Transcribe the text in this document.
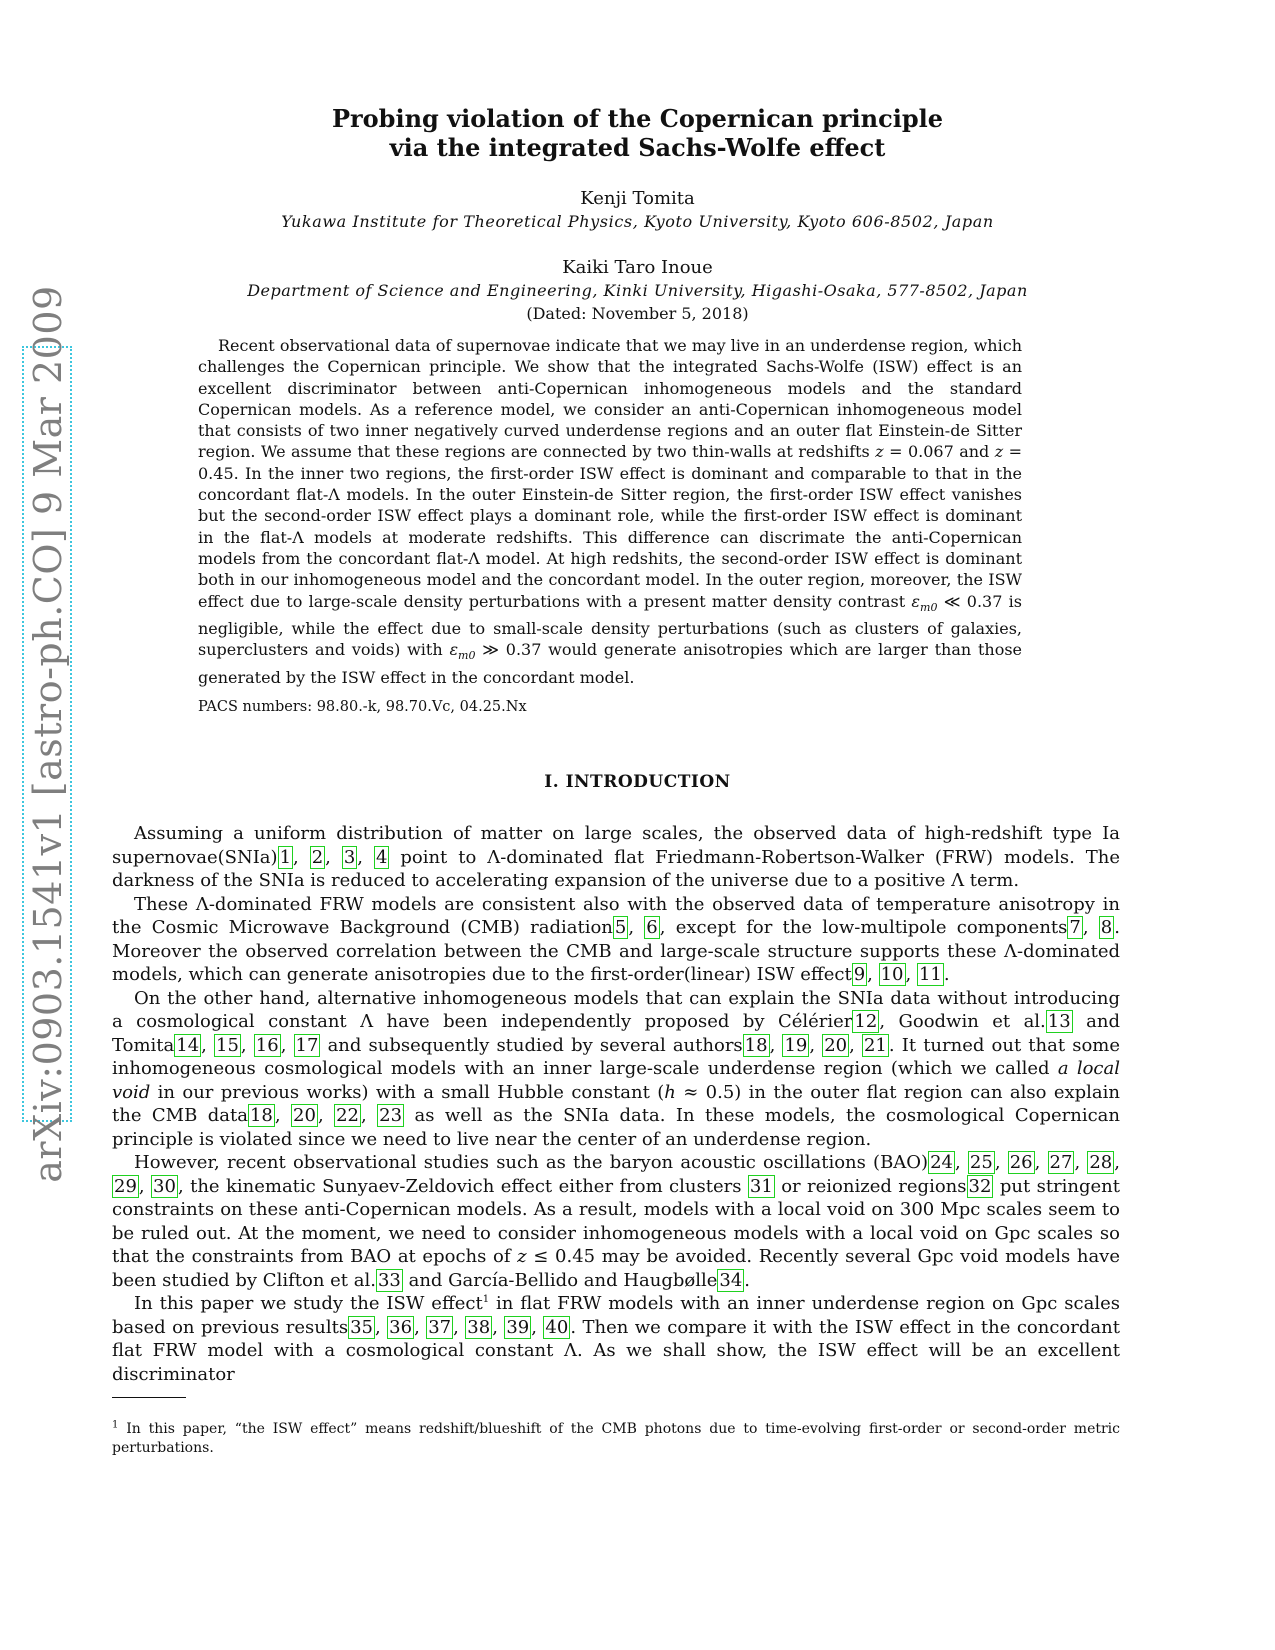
arXiv:0903.1541v1 [astro-ph.CO] 9 Mar 2009
Probing violation of the Copernican principle
via the integrated Sachs-Wolfe effect
Kenji Tomita
Yukawa Institute for Theoretical Physics, Kyoto University, Kyoto 606-8502, Japan
Kaiki Taro Inoue
Department of Science and Engineering, Kinki University, Higashi-Osaka, 577-8502, Japan
(Dated: November 5, 2018)

Recent observational data of supernovae indicate that we may live in an underdense region, which challenges the Copernican principle. We show that the integrated Sachs-Wolfe (ISW) effect is an excellent discriminator between anti-Copernican inhomogeneous models and the standard Copernican models. As a reference model, we consider an anti-Copernican inhomogeneous model that consists of two inner negatively curved underdense regions and an outer flat Einstein-de Sitter region. We assume that these regions are connected by two thin-walls at redshifts z = 0.067 and z = 0.45. In the inner two regions, the first-order ISW effect is dominant and comparable to that in the concordant flat-Λ models. In the outer Einstein-de Sitter region, the first-order ISW effect vanishes but the second-order ISW effect plays a dominant role, while the first-order ISW effect is dominant in the flat-Λ models at moderate redshifts. This difference can discrimate the anti-Copernican models from the concordant flat-Λ model. At high redshits, the second-order ISW effect is dominant both in our inhomogeneous model and the concordant model. In the outer region, moreover, the ISW effect due to large-scale density perturbations with a present matter density contrast $\varepsilon_{m0}$ ≪ 0.37 is negligible, while the effect due to small-scale density perturbations (such as clusters of galaxies, superclusters and voids) with $\varepsilon_{m0}$ ≫ 0.37 would generate anisotropies which are larger than those generated by the ISW effect in the concordant model.

PACS numbers: 98.80.-k, 98.70.Vc, 04.25.Nx
I. INTRODUCTION

Assuming a uniform distribution of matter on large scales, the observed data of high-redshift type Ia supernovae(SNIa) 1 , 2 , 3 , 4 point to Λ-dominated flat Friedmann-Robertson-Walker (FRW) models. The darkness of the SNIa is reduced to accelerating expansion of the universe due to a positive Λ term.

These Λ-dominated FRW models are consistent also with the observed data of temperature anisotropy in the Cosmic Microwave Background (CMB) radiation 5 , 6 , except for the low-multipole components 7 , 8 . Moreover the observed correlation between the CMB and large-scale structure supports these Λ-dominated models, which can generate anisotropies due to the first-order(linear) ISW effect 9 , 10 , 11 .

On the other hand, alternative inhomogeneous models that can explain the SNIa data without introducing a cosmological constant Λ have been independently proposed by Célérier 12 , Goodwin et al. 13 and Tomita 14 , 15 , 16 , 17 and subsequently studied by several authors 18 , 19 , 20 , 21 . It turned out that some inhomogeneous cosmological models with an inner large-scale underdense region (which we called a local void in our previous works) with a small Hubble constant (h ≈ 0.5) in the outer flat region can also explain the CMB data 18 , 20 , 22 , 23 as well as the SNIa data. In these models, the cosmological Copernican principle is violated since we need to live near the center of an underdense region.

However, recent observational studies such as the baryon acoustic oscillations (BAO) 24 , 25 , 26 , 27 , 28 , 29 , 30 , the kinematic Sunyaev-Zeldovich effect either from clusters 31 or reionized regions 32 put stringent constraints on these anti-Copernican models. As a result, models with a local void on 300 Mpc scales seem to be ruled out. At the moment, we need to consider inhomogeneous models with a local void on Gpc scales so that the constraints from BAO at epochs of z ≤ 0.45 may be avoided. Recently several Gpc void models have been studied by Clifton et al. 33 and García-Bellido and Haugbølle 34 .

In this paper we study the ISW effect$^1$ in flat FRW models with an inner underdense region on Gpc scales based on previous results 35 , 36 , 37 , 38 , 39 , 40 . Then we compare it with the ISW effect in the concordant flat FRW model with a cosmological constant Λ. As we shall show, the ISW effect will be an excellent discriminator

$^1$ In this paper, “the ISW effect” means redshift/blueshift of the CMB photons due to time-evolving first-order or second-order metric perturbations.
